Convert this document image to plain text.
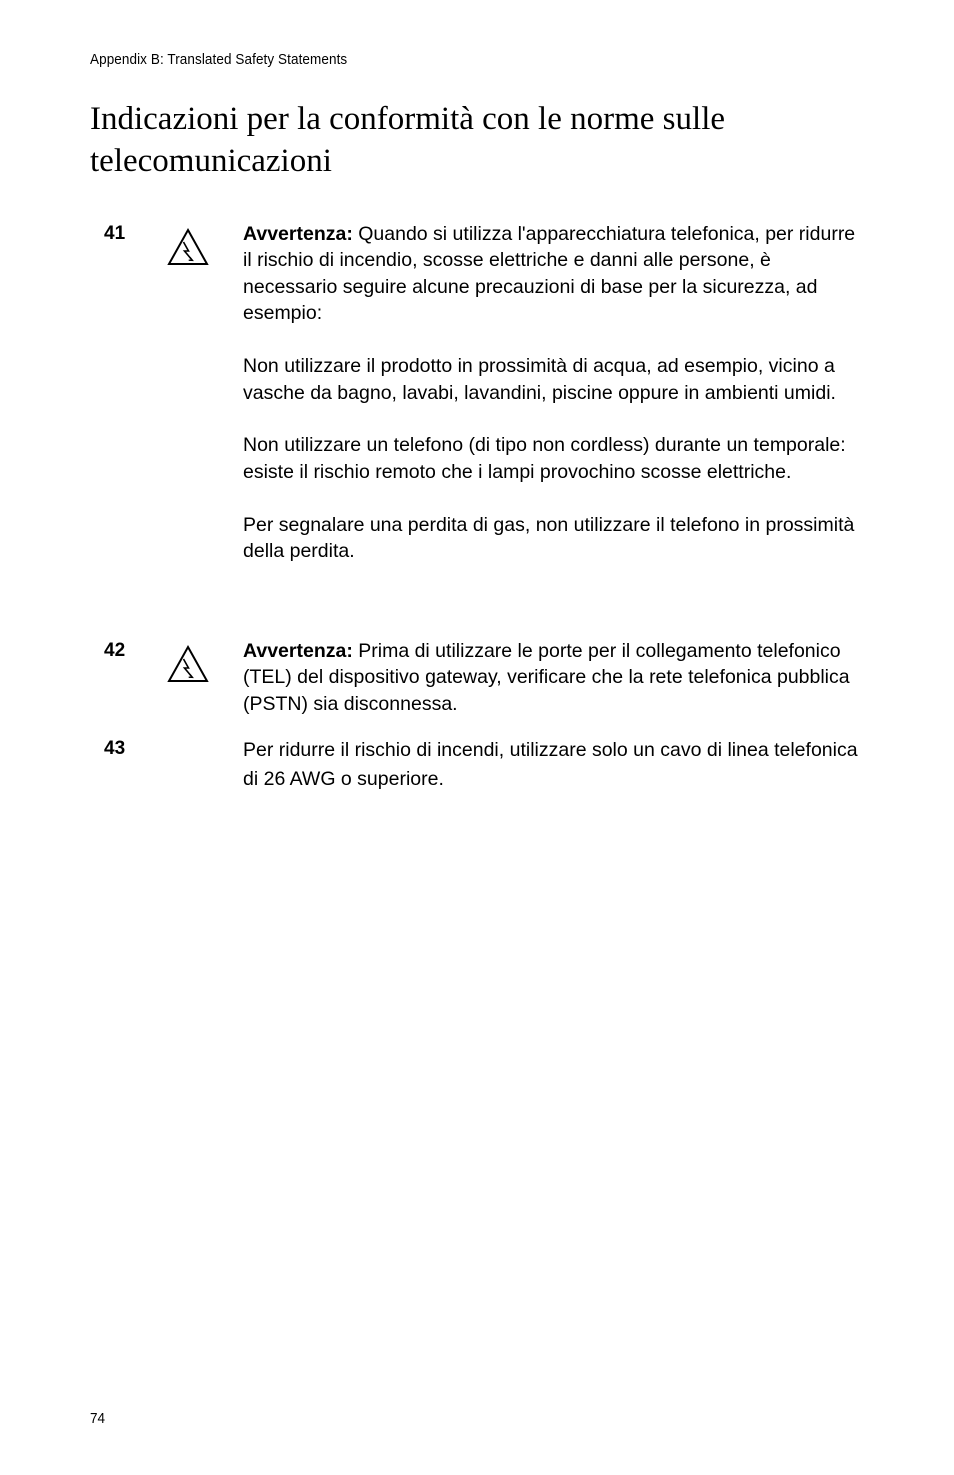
Appendix B: Translated Safety Statements
Indicazioni per la conformità con le norme sulle telecomunicazioni
41	Avvertenza: Quando si utilizza l'apparecchiatura telefonica, per ridurre il rischio di incendio, scosse elettriche e danni alle persone, è necessario seguire alcune precauzioni di base per la sicurezza, ad esempio:

Non utilizzare il prodotto in prossimità di acqua, ad esempio, vicino a vasche da bagno, lavabi, lavandini, piscine oppure in ambienti umidi.

Non utilizzare un telefono (di tipo non cordless) durante un temporale: esiste il rischio remoto che i lampi provochino scosse elettriche.

Per segnalare una perdita di gas, non utilizzare il telefono in prossimità della perdita.

42	Avvertenza: Prima di utilizzare le porte per il collegamento telefonico (TEL) del dispositivo gateway, verificare che la rete telefonica pubblica (PSTN) sia disconnessa.

43	Per ridurre il rischio di incendi, utilizzare solo un cavo di linea telefonica di 26 AWG o superiore.

74
